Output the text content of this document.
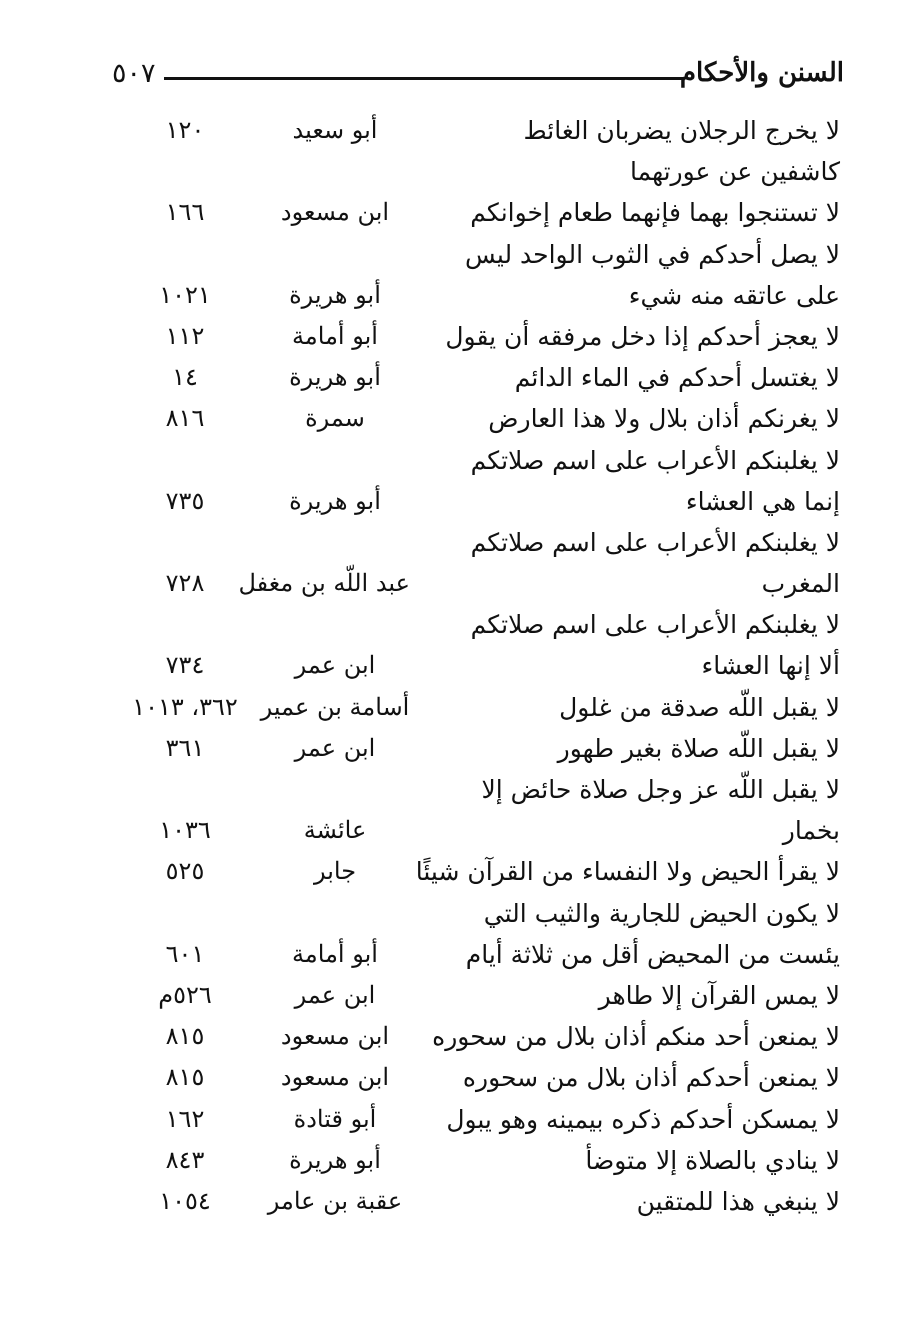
٥٠٧	السنن والأحكام
لا يخرج الرجلان يضربان الغائط
أبو سعيد
١٢٠
كاشفين عن عورتهما
لا تستنجوا بهما فإنهما طعام إخوانكم
ابن مسعود
١٦٦
لا يصل أحدكم في الثوب الواحد ليس
على عاتقه منه شيء
أبو هريرة
١٠٢١
لا يعجز أحدكم إذا دخل مرفقه أن يقول
أبو أمامة
١١٢
لا يغتسل أحدكم في الماء الدائم
أبو هريرة
١٤
لا يغرنكم أذان بلال ولا هذا العارض
سمرة
٨١٦
لا يغلبنكم الأعراب على اسم صلاتكم
إنما هي العشاء
أبو هريرة
٧٣٥
لا يغلبنكم الأعراب على اسم صلاتكم
المغرب
عبد اللّه بن مغفل
٧٢٨
لا يغلبنكم الأعراب على اسم صلاتكم
ألا إنها العشاء
ابن عمر
٧٣٤
لا يقبل اللّه صدقة من غلول
أسامة بن عمير
٣٦٢، ١٠١٣
لا يقبل اللّه صلاة بغير طهور
ابن عمر
٣٦١
لا يقبل اللّه عز وجل صلاة حائض إلا
بخمار
عائشة
١٠٣٦
لا يقرأ الحيض ولا النفساء من القرآن شيئًا
جابر
٥٢٥
لا يكون الحيض للجارية والثيب التي
يئست من المحيض أقل من ثلاثة أيام
أبو أمامة
٦٠١
لا يمس القرآن إلا طاهر
ابن عمر
٥٢٦م
لا يمنعن أحد منكم أذان بلال من سحوره
ابن مسعود
٨١٥
لا يمنعن أحدكم أذان بلال من سحوره
ابن مسعود
٨١٥
لا يمسكن أحدكم ذكره بيمينه وهو يبول
أبو قتادة
١٦٢
لا ينادي بالصلاة إلا متوضأ
أبو هريرة
٨٤٣
لا ينبغي هذا للمتقين
عقبة بن عامر
١٠٥٤
